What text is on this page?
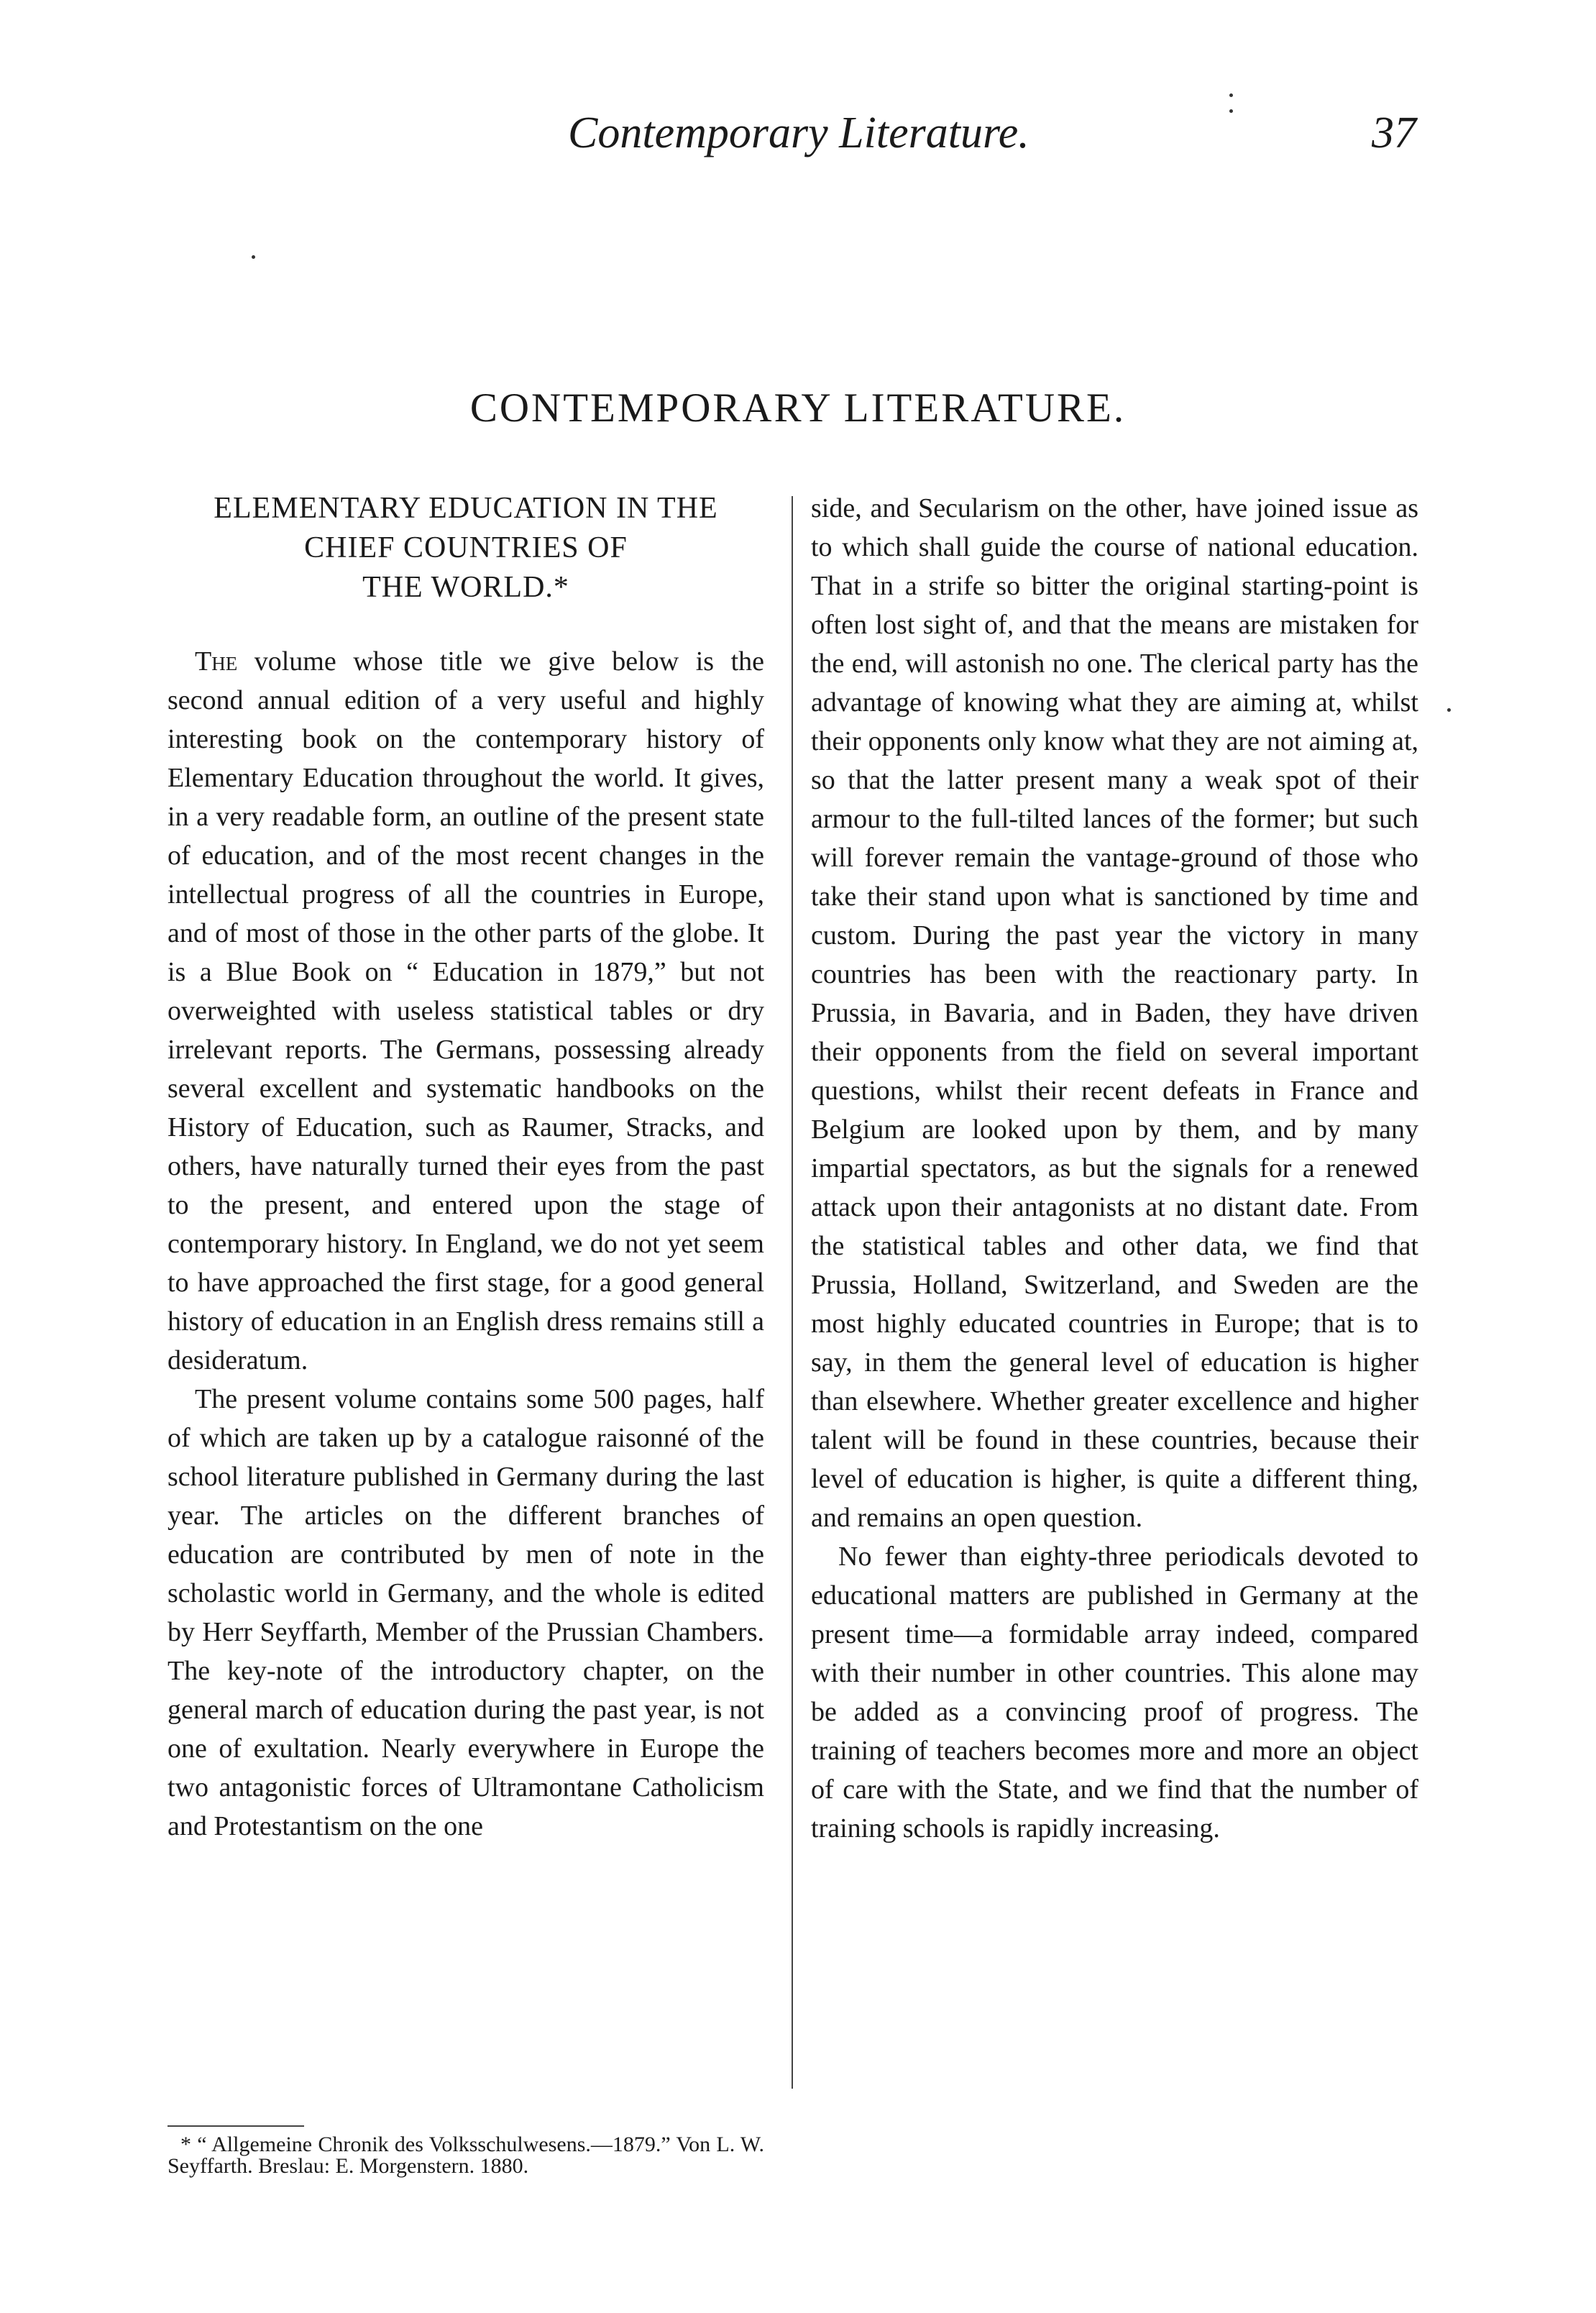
Contemporary Literature.	37
CONTEMPORARY LITERATURE.
ELEMENTARY EDUCATION IN THE
CHIEF COUNTRIES OF
THE WORLD.*

The volume whose title we give below is the second annual edition of a very useful and highly interesting book on the contemporary history of Elementary Education throughout the world. It gives, in a very readable form, an outline of the present state of education, and of the most recent changes in the intellectual progress of all the countries in Europe, and of most of those in the other parts of the globe. It is a Blue Book on “ Education in 1879,” but not overweighted with useless statistical tables or dry irrelevant reports. The Germans, possessing already several excellent and systematic handbooks on the History of Education, such as Raumer, Stracks, and others, have naturally turned their eyes from the past to the present, and entered upon the stage of contemporary history. In England, we do not yet seem to have approached the first stage, for a good general history of education in an English dress remains still a desideratum.

The present volume contains some 500 pages, half of which are taken up by a catalogue raisonné of the school literature published in Germany during the last year. The articles on the different branches of education are contributed by men of note in the scholastic world in Germany, and the whole is edited by Herr Seyffarth, Member of the Prussian Chambers. The key-note of the introductory chapter, on the general march of education during the past year, is not one of exultation. Nearly everywhere in Europe the two antagonistic forces of Ultramontane Catholicism and Protestantism on the one

side, and Secularism on the other, have joined issue as to which shall guide the course of national education. That in a strife so bitter the original starting-point is often lost sight of, and that the means are mistaken for the end, will astonish no one. The clerical party has the advantage of knowing what they are aiming at, whilst their opponents only know what they are not aiming at, so that the latter present many a weak spot of their armour to the full-tilted lances of the former; but such will forever remain the vantage-ground of those who take their stand upon what is sanctioned by time and custom. During the past year the victory in many countries has been with the reactionary party. In Prussia, in Bavaria, and in Baden, they have driven their opponents from the field on several important questions, whilst their recent defeats in France and Belgium are looked upon by them, and by many impartial spectators, as but the signals for a renewed attack upon their antagonists at no distant date. From the statistical tables and other data, we find that Prussia, Holland, Switzerland, and Sweden are the most highly educated countries in Europe; that is to say, in them the general level of education is higher than elsewhere. Whether greater excellence and higher talent will be found in these countries, because their level of education is higher, is quite a different thing, and remains an open question.

No fewer than eighty-three periodicals devoted to educational matters are published in Germany at the present time—a formidable array indeed, compared with their number in other countries. This alone may be added as a convincing proof of progress. The training of teachers becomes more and more an object of care with the State, and we find that the number of training schools is rapidly increasing.

* “ Allgemeine Chronik des Volksschulwesens.—1879.” Von L. W. Seyffarth. Breslau: E. Morgenstern. 1880.
